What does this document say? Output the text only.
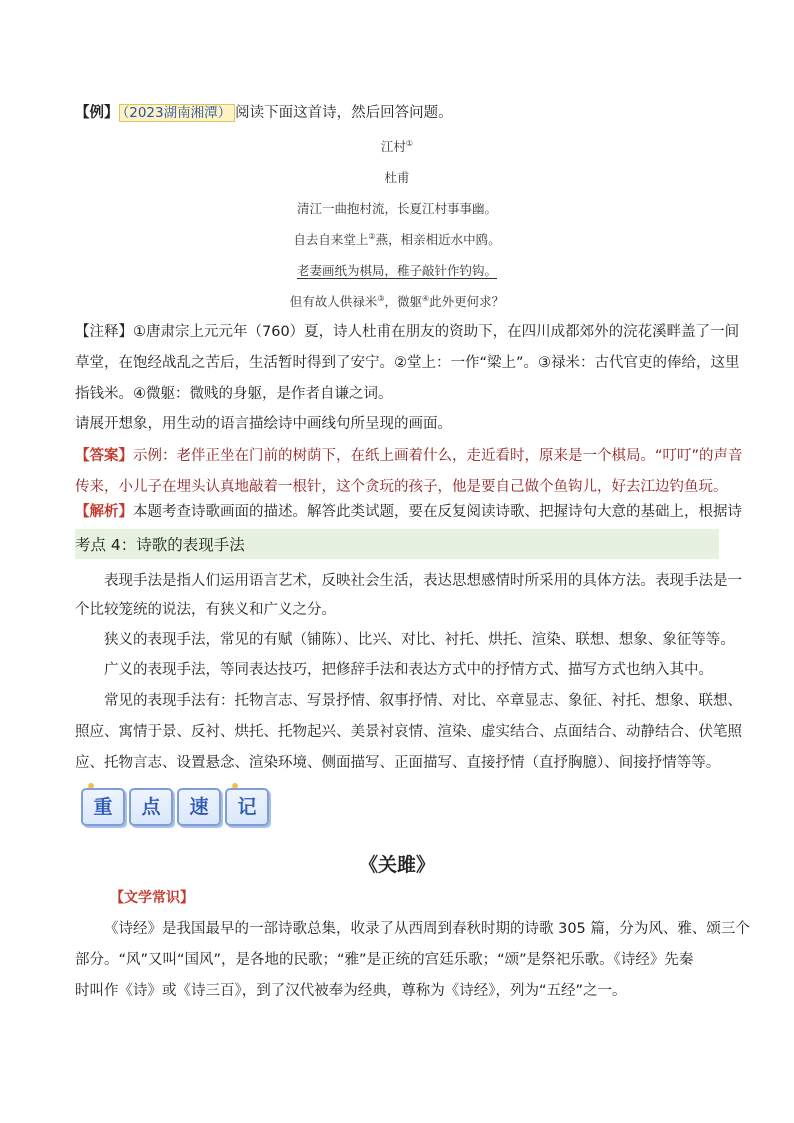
【例】 （2023湖南湘潭） 阅读下面这首诗，然后回答问题。
江村①
杜甫
清江一曲抱村流，长夏江村事事幽。
自去自来堂上②燕，相亲相近水中鸥。
老妻画纸为棋局，稚子敲针作钓钩。
但有故人供禄米③，微躯④此外更何求？
【注释】①唐肃宗上元元年（760）夏，诗人杜甫在朋友的资助下，在四川成都郊外的浣花溪畔盖了一间
草堂，在饱经战乱之苦后，生活暂时得到了安宁。②堂上：一作“梁上”。③禄米：古代官吏的俸给，这里
指钱米。④微躯：微贱的身躯，是作者自谦之词。
请展开想象，用生动的语言描绘诗中画线句所呈现的画面。
【答案】示例：老伴正坐在门前的树荫下，在纸上画着什么，走近看时，原来是一个棋局。“叮叮”的声音
传来，小儿子在埋头认真地敲着一根针，这个贪玩的孩子，他是要自己做个鱼钩儿，好去江边钓鱼玩。
【解析】本题考查诗歌画面的描述。解答此类试题，要在反复阅读诗歌、把握诗句大意的基础上，根据诗
考点 4：诗歌的表现手法
表现手法是指人们运用语言艺术，反映社会生活，表达思想感情时所采用的具体方法。表现手法是一
个比较笼统的说法，有狭义和广义之分。
狭义的表现手法，常见的有赋（铺陈）、比兴、对比、衬托、烘托、渲染、联想、想象、象征等等。
广义的表现手法，等同表达技巧，把修辞手法和表达方式中的抒情方式、描写方式也纳入其中。
常见的表现手法有：托物言志、写景抒情、叙事抒情、对比、卒章显志、象征、衬托、想象、联想、
照应、寓情于景、反衬、烘托、托物起兴、美景衬哀情、渲染、虚实结合、点面结合、动静结合、伏笔照
应、托物言志、设置悬念、渲染环境、侧面描写、正面描写、直接抒情（直抒胸臆）、间接抒情等等。
重	点	速	记
《关雎》
【文学常识】
《诗经》是我国最早的一部诗歌总集，收录了从西周到春秋时期的诗歌 305 篇，分为风、雅、颂三个
部分。“风”又叫“国风”，是各地的民歌；“雅”是正统的宫廷乐歌；“颂”是祭祀乐歌。《诗经》先秦
时叫作《诗》或《诗三百》，到了汉代被奉为经典，尊称为《诗经》，列为“五经”之一。
